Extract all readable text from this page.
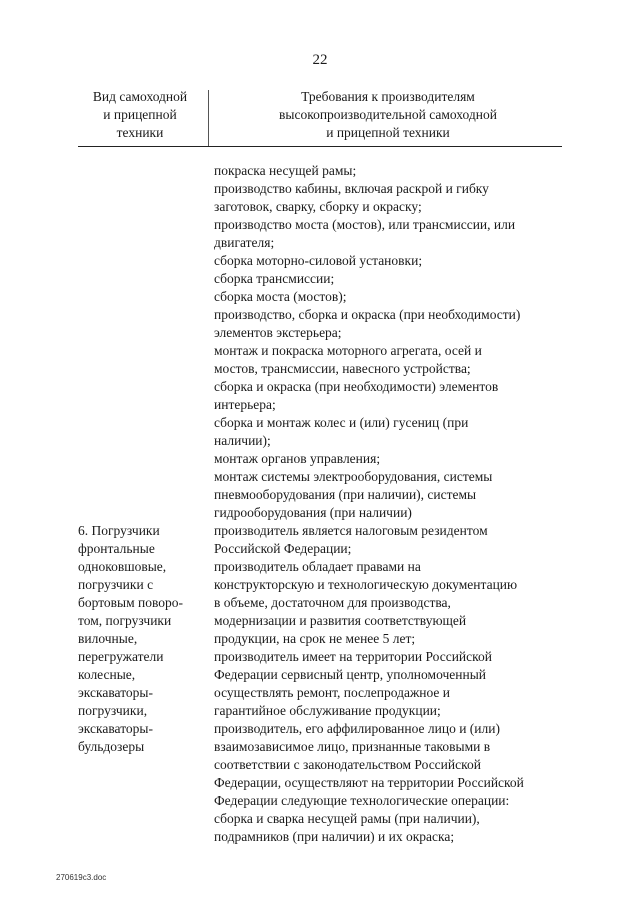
22
Вид самоходной
и прицепной
техники
Требования к производителям
высокопроизводительной самоходной
и прицепной техники
покраска несущей рамы;
производство кабины, включая раскрой и гибку
заготовок, сварку, сборку и окраску;
производство моста (мостов), или трансмиссии, или
двигателя;
сборка моторно-силовой установки;
сборка трансмиссии;
сборка моста (мостов);
производство, сборка и окраска (при необходимости)
элементов экстерьера;
монтаж и покраска моторного агрегата, осей и
мостов, трансмиссии, навесного устройства;
сборка и окраска (при необходимости) элементов
интерьера;
сборка и монтаж колес и (или) гусениц (при
наличии);
монтаж органов управления;
монтаж системы электрооборудования, системы
пневмооборудования (при наличии), системы
гидрооборудования (при наличии)
6. Погрузчики
фронтальные
одноковшовые,
погрузчики с
бортовым поворо-
том, погрузчики
вилочные,
перегружатели
колесные,
экскаваторы-
погрузчики,
экскаваторы-
бульдозеры
производитель является налоговым резидентом
Российской Федерации;
производитель обладает правами на
конструкторскую и технологическую документацию
в объеме, достаточном для производства,
модернизации и развития соответствующей
продукции, на срок не менее 5 лет;
производитель имеет на территории Российской
Федерации сервисный центр, уполномоченный
осуществлять ремонт, послепродажное и
гарантийное обслуживание продукции;
производитель, его аффилированное лицо и (или)
взаимозависимое лицо, признанные таковыми в
соответствии с законодательством Российской
Федерации, осуществляют на территории Российской
Федерации следующие технологические операции:
сборка и сварка несущей рамы (при наличии),
подрамников (при наличии) и их окраска;
270619c3.doc
